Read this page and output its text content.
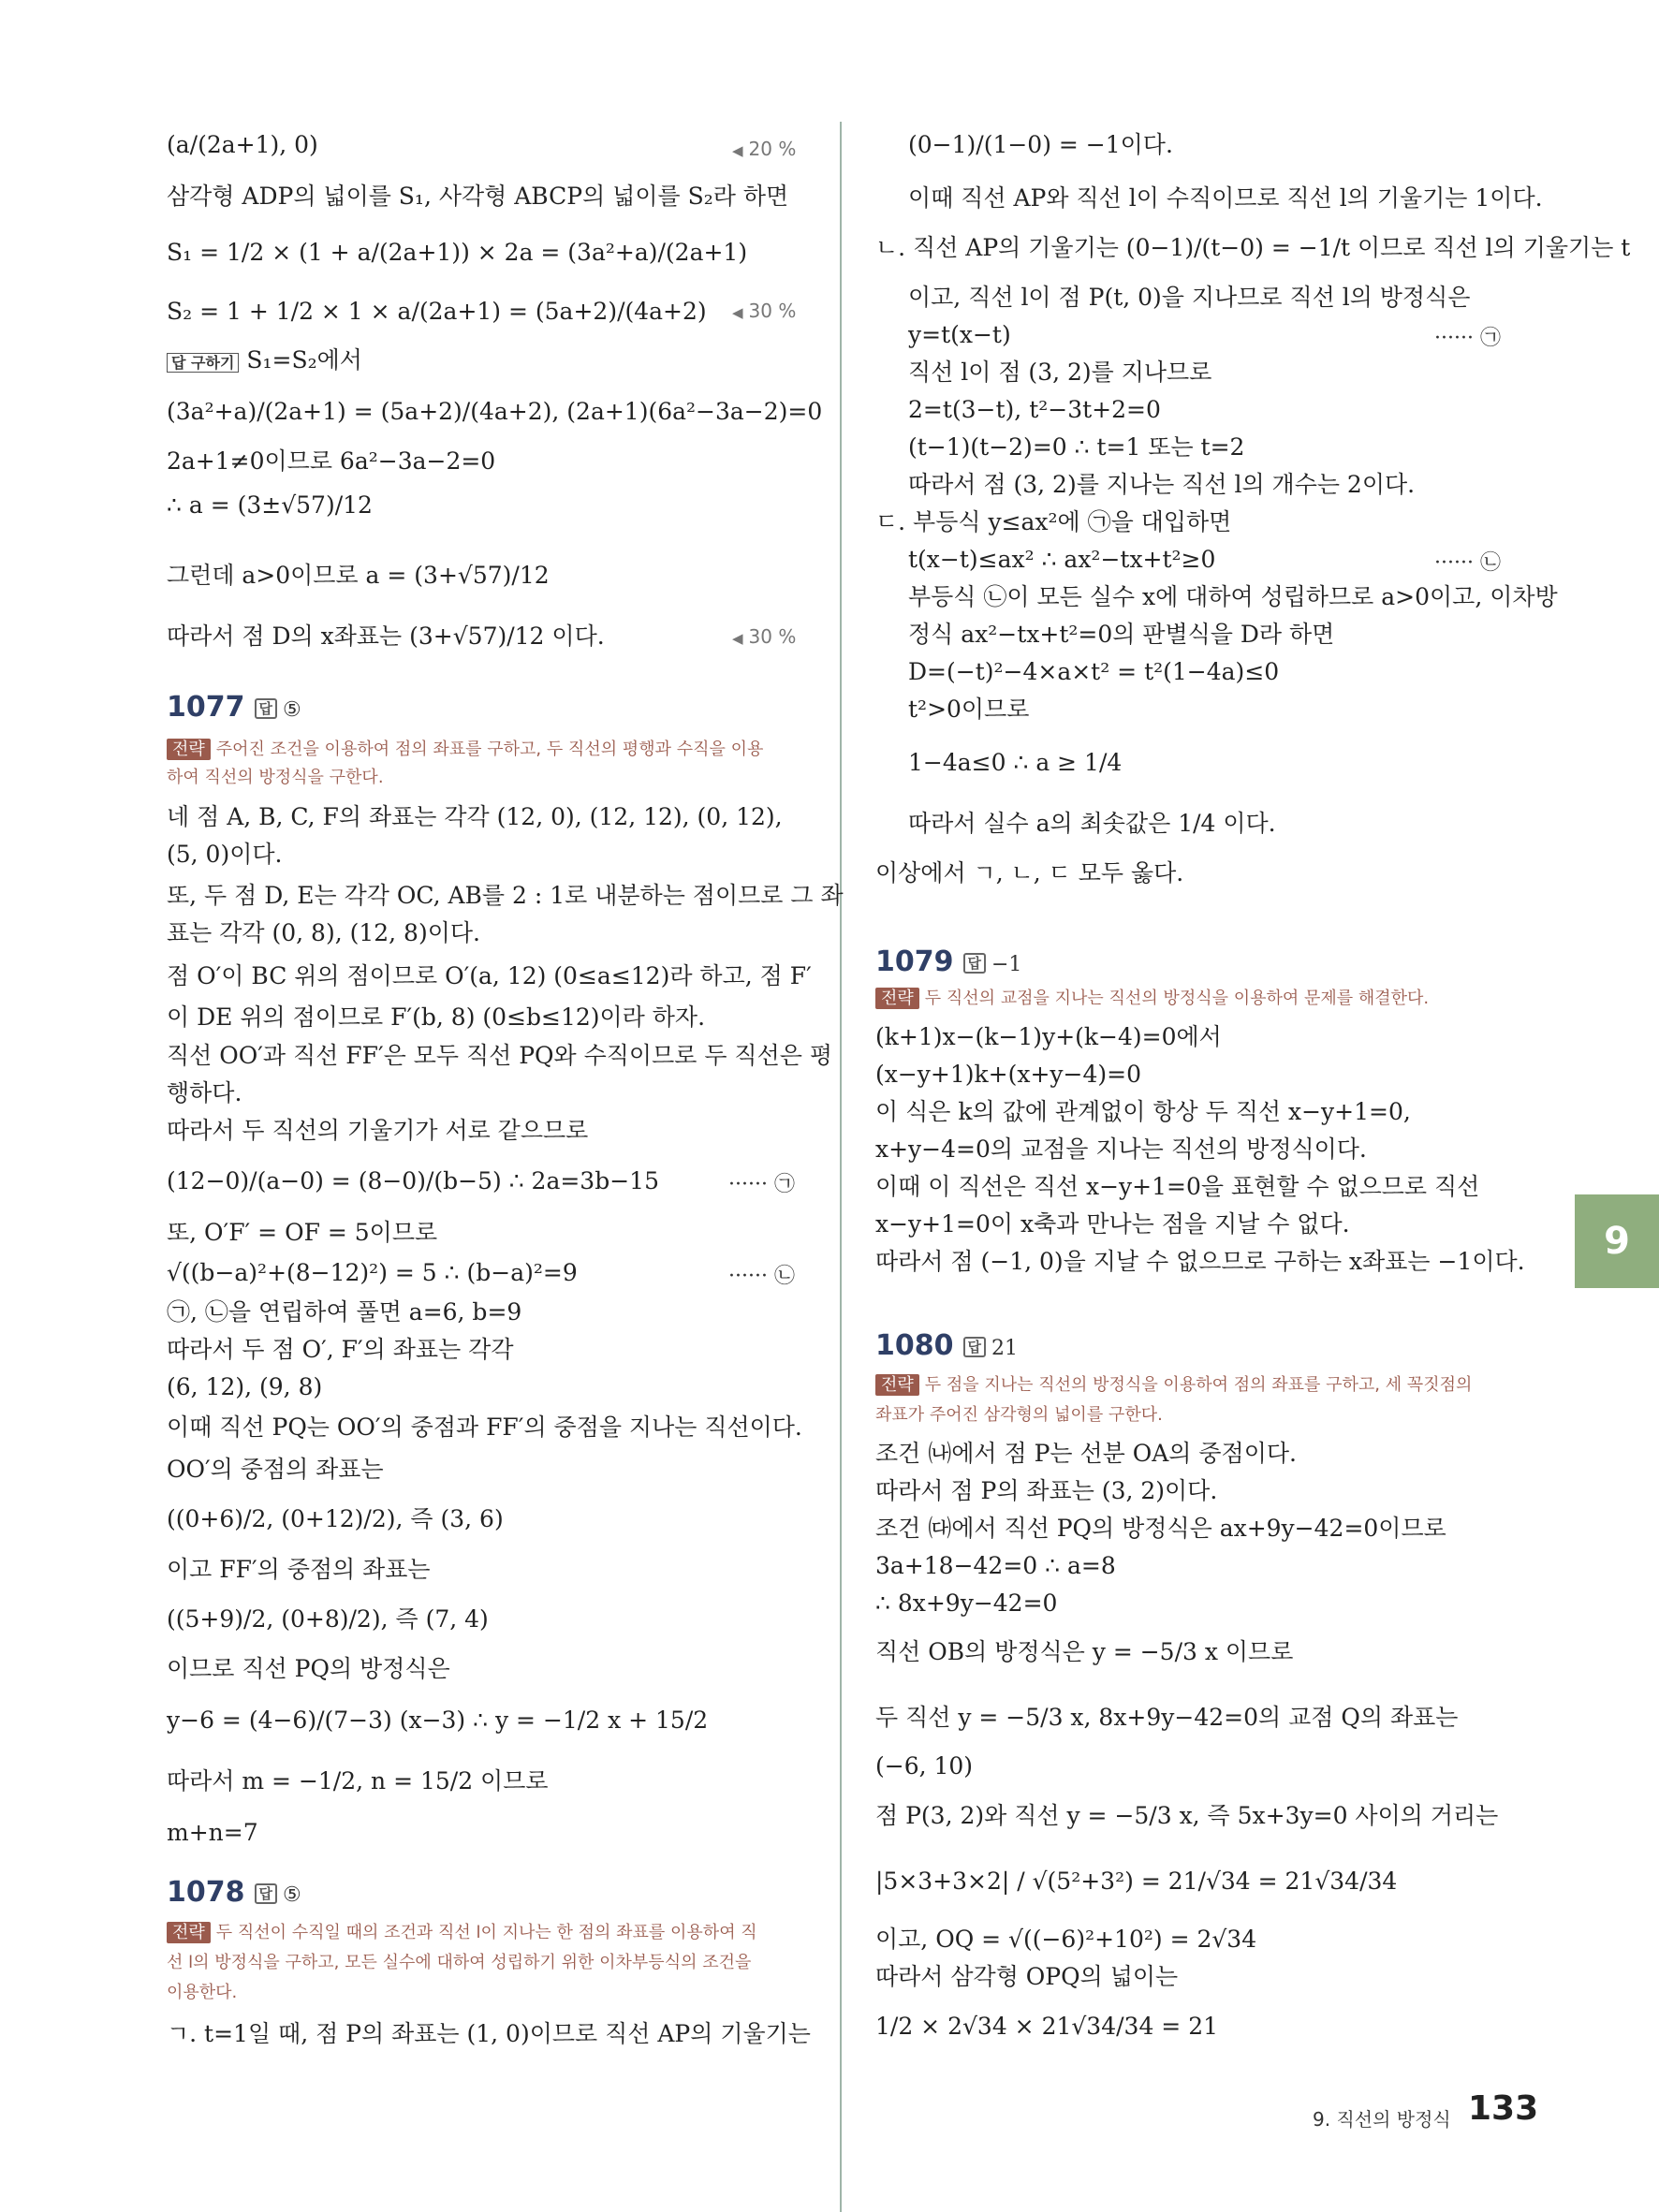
(a/(2a+1), 0)	◀ 20 %
삼각형 ADP의 넓이를 S₁, 사각형 ABCP의 넓이를 S₂라 하면
S₁ = 1/2 × (1 + a/(2a+1)) × 2a = (3a²+a)/(2a+1)
S₂ = 1 + 1/2 × 1 × a/(2a+1) = (5a+2)/(4a+2) ◀ 30 %
답 구하기 S₁=S₂에서
(3a²+a)/(2a+1) = (5a+2)/(4a+2), (2a+1)(6a²−3a−2)=0
2a+1≠0이므로 6a²−3a−2=0
∴ a = (3±√57)/12
그런데 a>0이므로 a = (3+√57)/12
따라서 점 D의 x좌표는 (3+√57)/12 이다.	◀ 30 %
1077 답 ⑤
전략 주어진 조건을 이용하여 점의 좌표를 구하고, 두 직선의 평행과 수직을 이용
하여 직선의 방정식을 구한다.
네 점 A, B, C, F의 좌표는 각각 (12, 0), (12, 12), (0, 12),
(5, 0)이다.
또, 두 점 D, E는 각각 OC, AB를 2 : 1로 내분하는 점이므로 그 좌
표는 각각 (0, 8), (12, 8)이다.
점 O′이 BC 위의 점이므로 O′(a, 12) (0≤a≤12)라 하고, 점 F′
이 DE 위의 점이므로 F′(b, 8) (0≤b≤12)이라 하자.
직선 OO′과 직선 FF′은 모두 직선 PQ와 수직이므로 두 직선은 평
행하다.
따라서 두 직선의 기울기가 서로 같으므로
(12−0)/(a−0) = (8−0)/(b−5) ∴ 2a=3b−15	······ ㉠
또, O′F′ = OF = 5이므로
√((b−a)²+(8−12)²) = 5 ∴ (b−a)²=9	······ ㉡
㉠, ㉡을 연립하여 풀면 a=6, b=9
따라서 두 점 O′, F′의 좌표는 각각
(6, 12), (9, 8)
이때 직선 PQ는 OO′의 중점과 FF′의 중점을 지나는 직선이다.
OO′의 중점의 좌표는
((0+6)/2, (0+12)/2), 즉 (3, 6)
이고 FF′의 중점의 좌표는
((5+9)/2, (0+8)/2), 즉 (7, 4)
이므로 직선 PQ의 방정식은
y−6 = (4−6)/(7−3) (x−3) ∴ y = −1/2 x + 15/2
따라서 m = −1/2, n = 15/2 이므로
m+n=7
1078 답 ⑤
전략 두 직선이 수직일 때의 조건과 직선 l이 지나는 한 점의 좌표를 이용하여 직
선 l의 방정식을 구하고, 모든 실수에 대하여 성립하기 위한 이차부등식의 조건을
이용한다.
ㄱ. t=1일 때, 점 P의 좌표는 (1, 0)이므로 직선 AP의 기울기는
(0−1)/(1−0) = −1이다.
이때 직선 AP와 직선 l이 수직이므로 직선 l의 기울기는 1이다.
ㄴ. 직선 AP의 기울기는 (0−1)/(t−0) = −1/t 이므로 직선 l의 기울기는 t
이고, 직선 l이 점 P(t, 0)을 지나므로 직선 l의 방정식은
y=t(x−t)	······ ㉠
직선 l이 점 (3, 2)를 지나므로
2=t(3−t), t²−3t+2=0
(t−1)(t−2)=0 ∴ t=1 또는 t=2
따라서 점 (3, 2)를 지나는 직선 l의 개수는 2이다.
ㄷ. 부등식 y≤ax²에 ㉠을 대입하면
t(x−t)≤ax² ∴ ax²−tx+t²≥0	······ ㉡
부등식 ㉡이 모든 실수 x에 대하여 성립하므로 a>0이고, 이차방
정식 ax²−tx+t²=0의 판별식을 D라 하면
D=(−t)²−4×a×t² = t²(1−4a)≤0
t²>0이므로
1−4a≤0 ∴ a ≥ 1/4
따라서 실수 a의 최솟값은 1/4 이다.
이상에서 ㄱ, ㄴ, ㄷ 모두 옳다.
1079 답 −1
전략 두 직선의 교점을 지나는 직선의 방정식을 이용하여 문제를 해결한다.
(k+1)x−(k−1)y+(k−4)=0에서
(x−y+1)k+(x+y−4)=0
이 식은 k의 값에 관계없이 항상 두 직선 x−y+1=0,
x+y−4=0의 교점을 지나는 직선의 방정식이다.
이때 이 직선은 직선 x−y+1=0을 표현할 수 없으므로 직선
x−y+1=0이 x축과 만나는 점을 지날 수 없다.
따라서 점 (−1, 0)을 지날 수 없으므로 구하는 x좌표는 −1이다.
1080 답 21
전략 두 점을 지나는 직선의 방정식을 이용하여 점의 좌표를 구하고, 세 꼭짓점의
좌표가 주어진 삼각형의 넓이를 구한다.
조건 ㈏에서 점 P는 선분 OA의 중점이다.
따라서 점 P의 좌표는 (3, 2)이다.
조건 ㈐에서 직선 PQ의 방정식은 ax+9y−42=0이므로
3a+18−42=0 ∴ a=8
∴ 8x+9y−42=0
직선 OB의 방정식은 y = −5/3 x 이므로
두 직선 y = −5/3 x, 8x+9y−42=0의 교점 Q의 좌표는
(−6, 10)
점 P(3, 2)와 직선 y = −5/3 x, 즉 5x+3y=0 사이의 거리는
|5×3+3×2| / √(5²+3²) = 21/√34 = 21√34/34
이고, OQ = √((−6)²+10²) = 2√34
따라서 삼각형 OPQ의 넓이는
1/2 × 2√34 × 21√34/34 = 21
9
9. 직선의 방정식 133
